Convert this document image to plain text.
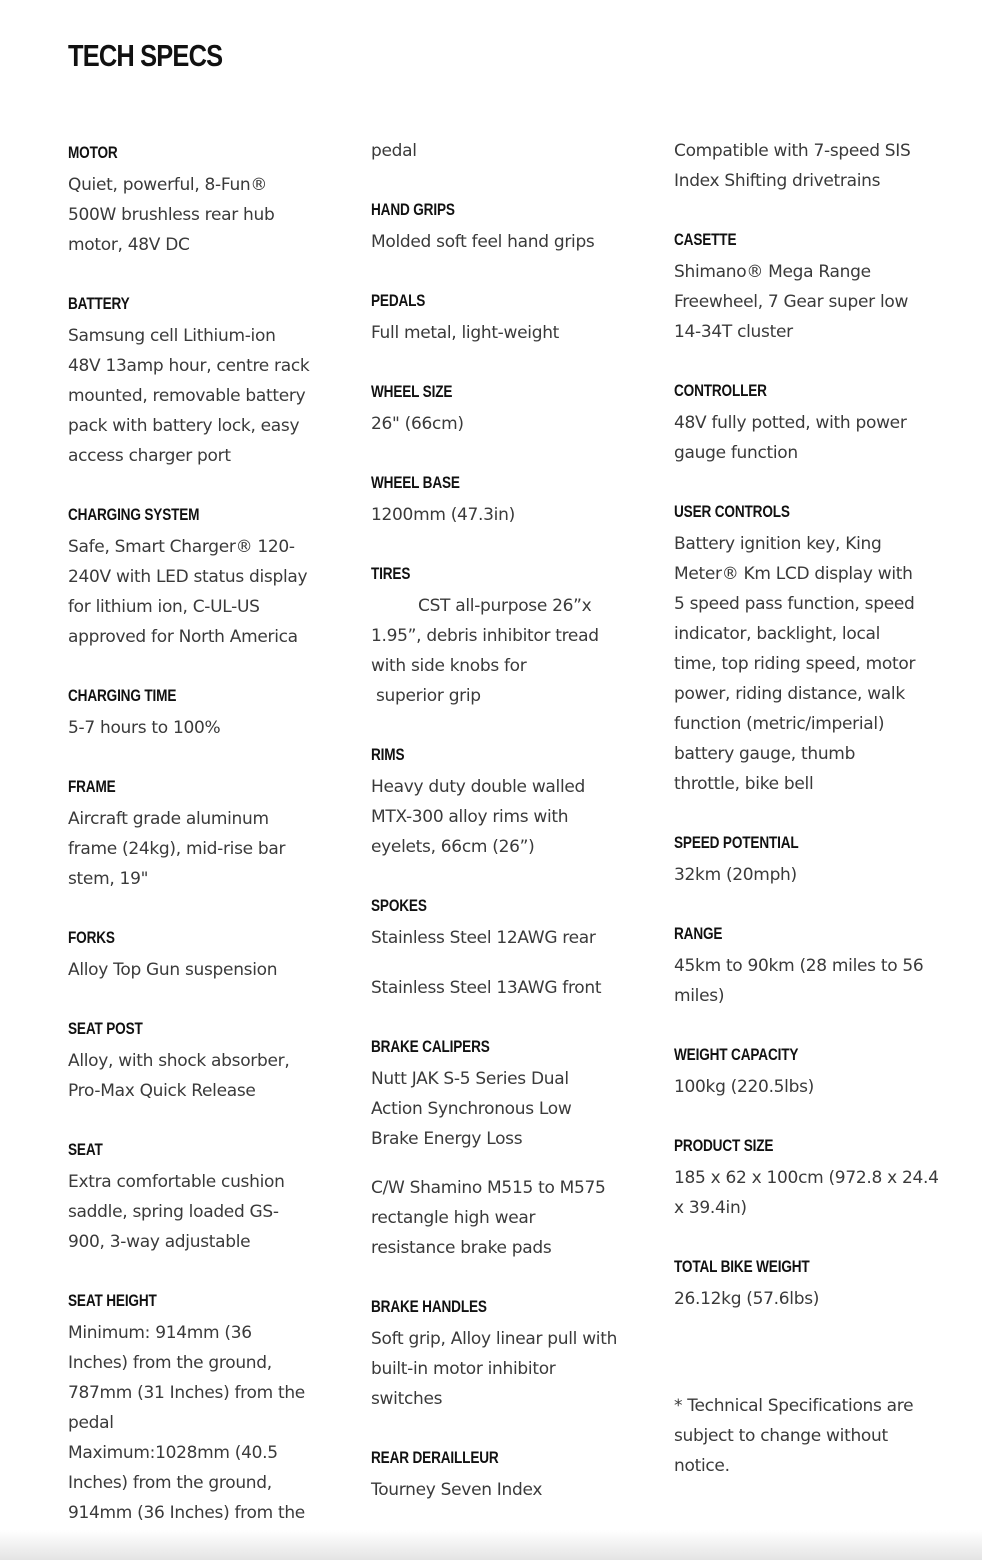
TECH SPECS
MOTOR
Quiet, powerful, 8-Fun®
500W brushless rear hub
motor, 48V DC
BATTERY
Samsung cell Lithium-ion
48V 13amp hour, centre rack
mounted, removable battery
pack with battery lock, easy
access charger port
CHARGING SYSTEM
Safe, Smart Charger® 120-
240V with LED status display
for lithium ion, C-UL-US
approved for North America
CHARGING TIME
5-7 hours to 100%
FRAME
Aircraft grade aluminum
frame (24kg), mid-rise bar
stem, 19"
FORKS
Alloy Top Gun suspension
SEAT POST
Alloy, with shock absorber,
Pro-Max Quick Release
SEAT
Extra comfortable cushion
saddle, spring loaded GS-
900, 3-way adjustable
SEAT HEIGHT
Minimum: 914mm (36
Inches) from the ground,
787mm (31 Inches) from the
pedal
Maximum:1028mm (40.5
Inches) from the ground,
914mm (36 Inches) from the
pedal
HAND GRIPS
Molded soft feel hand grips
PEDALS
Full metal, light-weight
WHEEL SIZE
26" (66cm)
WHEEL BASE
1200mm (47.3in)
TIRES
CST all-purpose 26”x
1.95”, debris inhibitor tread
with side knobs for
superior grip
RIMS
Heavy duty double walled
MTX-300 alloy rims with
eyelets, 66cm (26”)
SPOKES
Stainless Steel 12AWG rear
Stainless Steel 13AWG front
BRAKE CALIPERS
Nutt JAK S-5 Series Dual
Action Synchronous Low
Brake Energy Loss
C/W Shamino M515 to M575
rectangle high wear
resistance brake pads
BRAKE HANDLES
Soft grip, Alloy linear pull with
built-in motor inhibitor
switches
REAR DERAILLEUR
Tourney Seven Index
Compatible with 7-speed SIS
Index Shifting drivetrains
CASETTE
Shimano® Mega Range
Freewheel, 7 Gear super low
14-34T cluster
CONTROLLER
48V fully potted, with power
gauge function
USER CONTROLS
Battery ignition key, King
Meter® Km LCD display with
5 speed pass function, speed
indicator, backlight, local
time, top riding speed, motor
power, riding distance, walk
function (metric/imperial)
battery gauge, thumb
throttle, bike bell
SPEED POTENTIAL
32km (20mph)
RANGE
45km to 90km (28 miles to 56
miles)
WEIGHT CAPACITY
100kg (220.5lbs)
PRODUCT SIZE
185 x 62 x 100cm (972.8 x 24.4
x 39.4in)
TOTAL BIKE WEIGHT
26.12kg (57.6lbs)
* Technical Specifications are
subject to change without
notice.
